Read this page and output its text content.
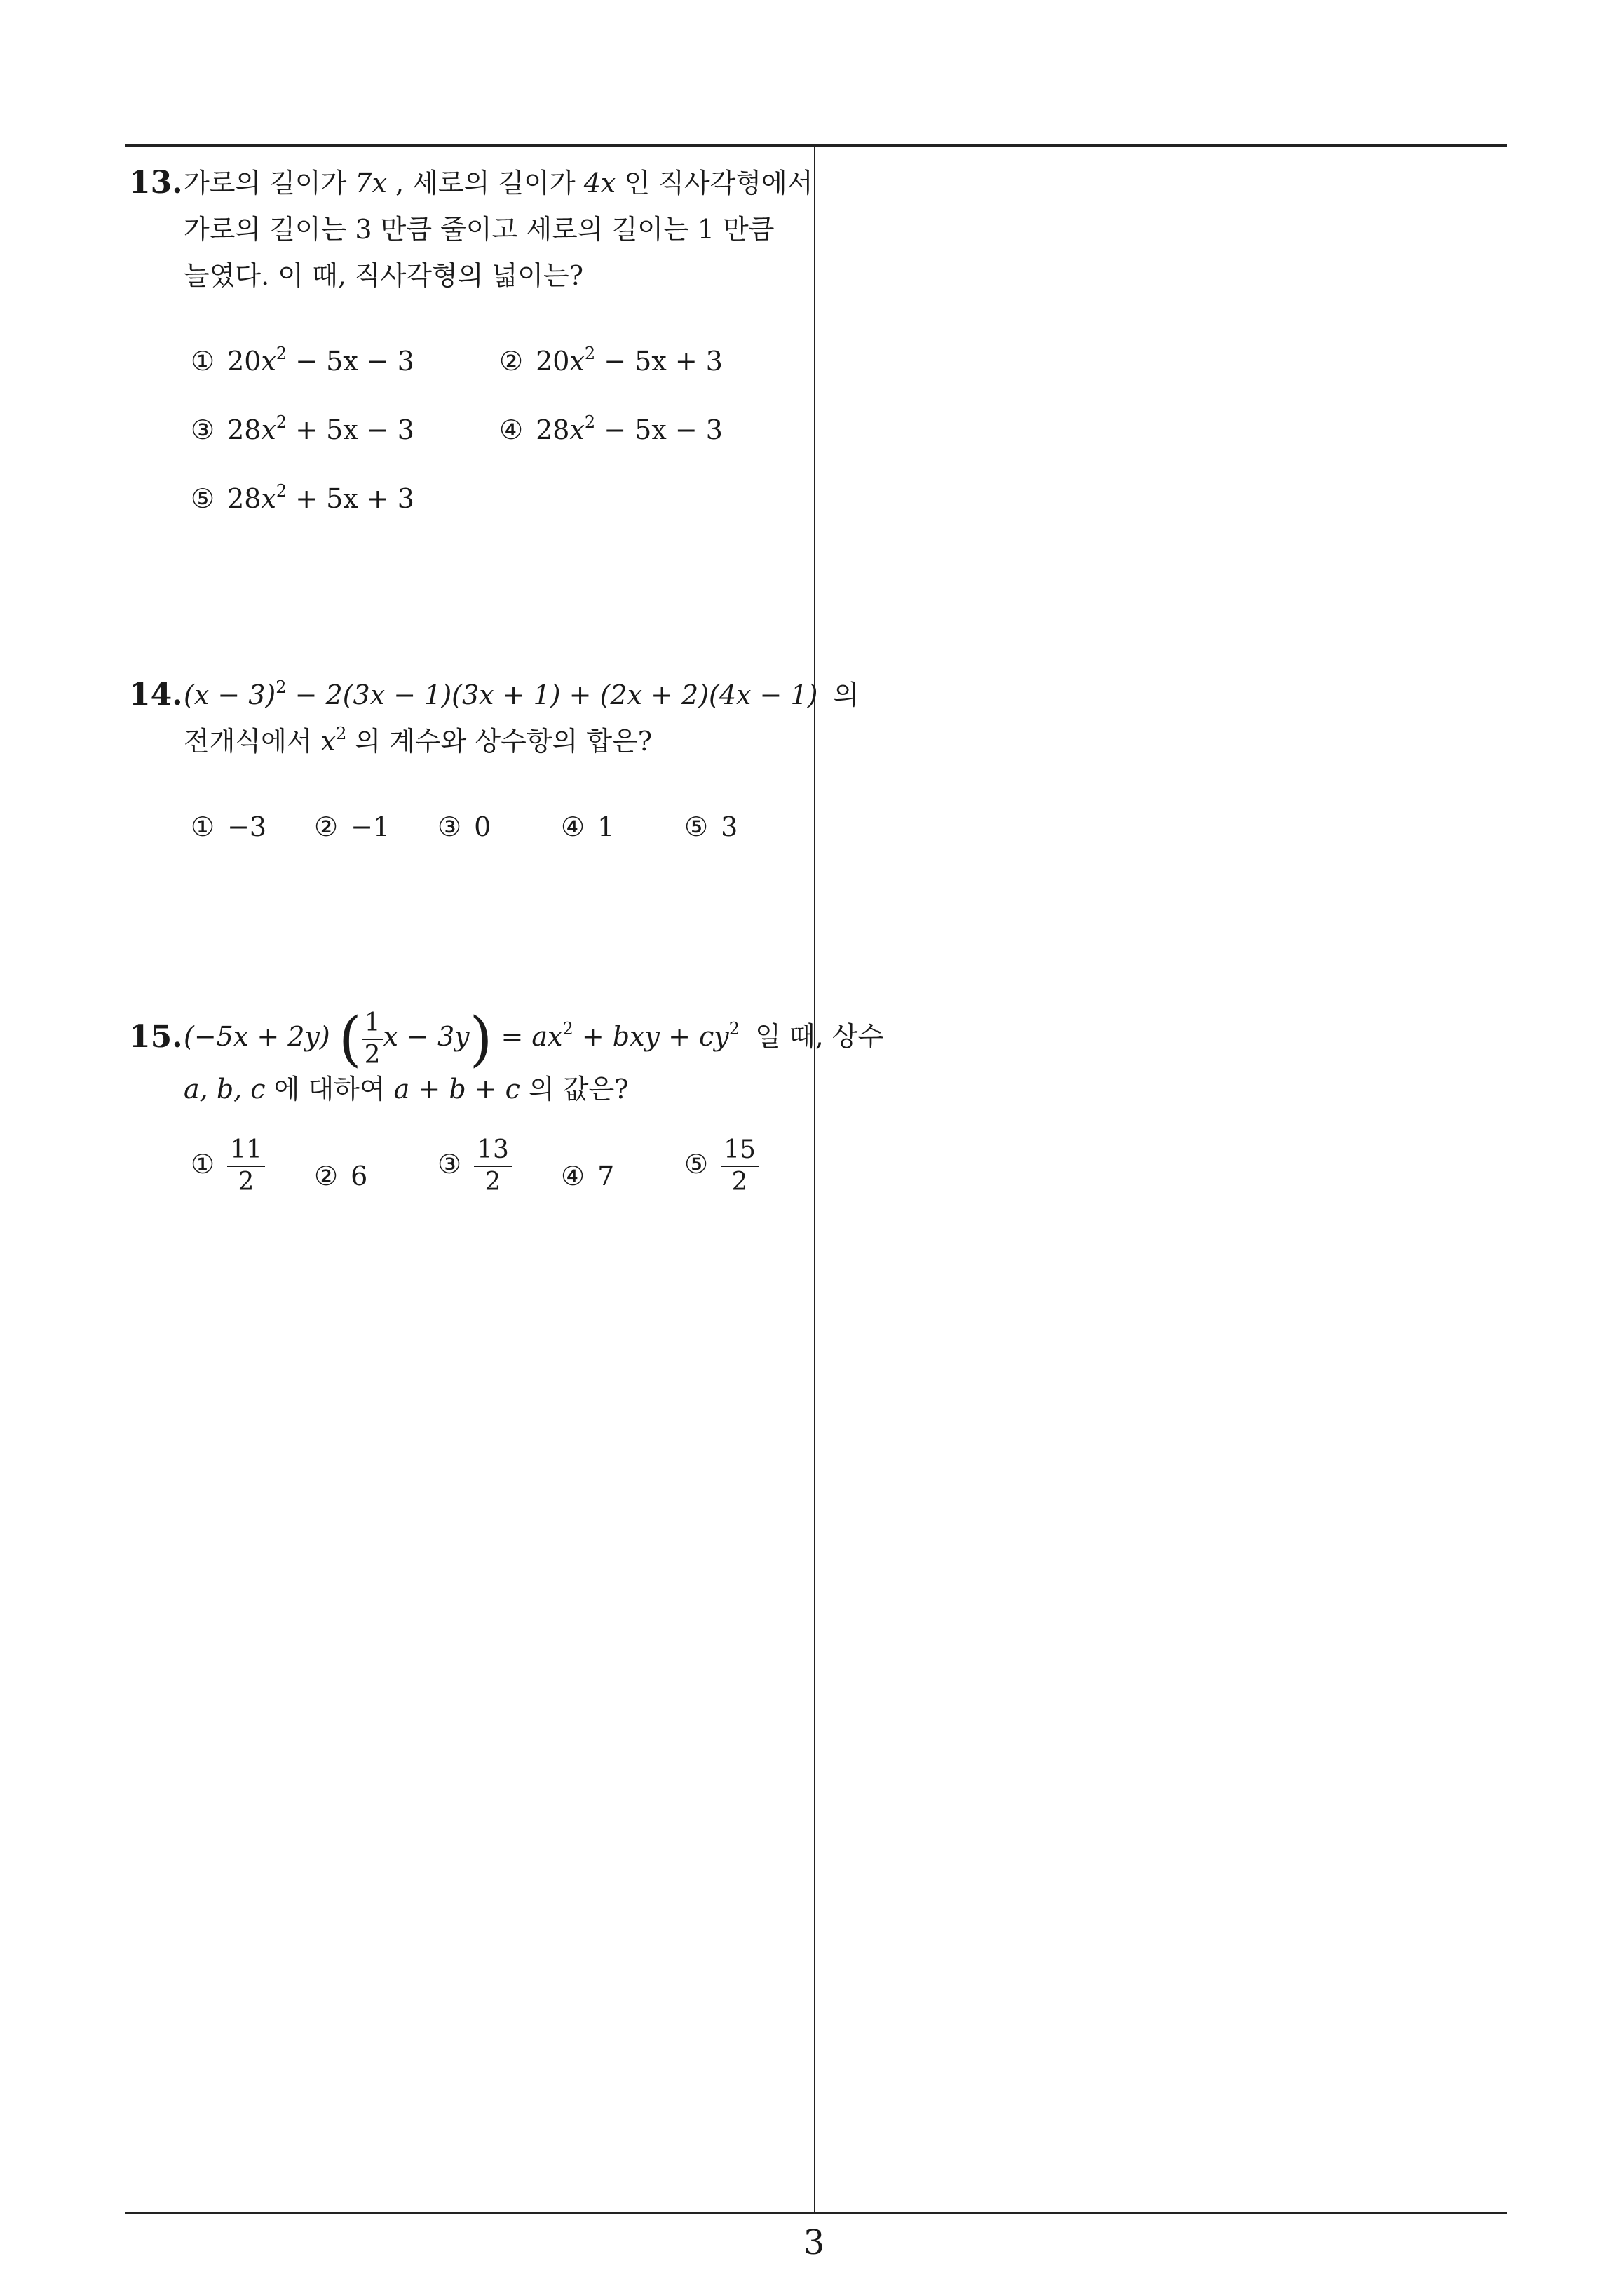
3
13. 가로의 길이가 7x , 세로의 길이가 4x 인 직사각형에서
가로의 길이는 3 만큼 줄이고 세로의 길이는 1 만큼
늘였다. 이 때, 직사각형의 넓이는?
① $20x^2 - 5x - 3$	② $20x^2 - 5x + 3$
③ $28x^2 + 5x - 3$	④ $28x^2 - 5x - 3$
⑤ $28x^2 + 5x + 3$
14. $(x - 3)^2 - 2(3x - 1)(3x + 1) + (2x + 2)(4x - 1)$ 의
전개식에서 $x^2$ 의 계수와 상수항의 합은?
① −3 ② −1 ③ 0	④ 1	⑤ 3
15. (−5x + 2y) ( $\frac{1}{2}$ $x - 3y) = ax^2$ + bxy + $cy^2$ 일 때, 상수
a, b, c 에 대하여 a + b + c 의 값은?
① $\frac{11}{2}$ ② 6	③ $\frac{13}{2}$ ④ 7	⑤ $\frac{15}{2}$
